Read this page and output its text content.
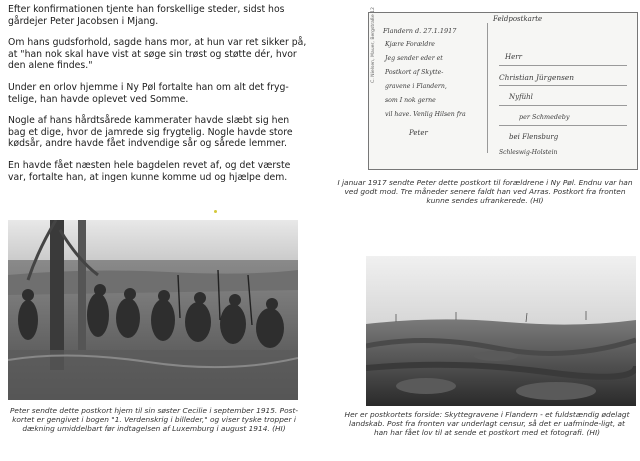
Efter konfirmationen tjente han forskellige steder, sidst hos gårdejer Peter Jacobsen i Mjang.

Om hans gudsforhold, sagde hans mor, at hun var ret sikker på, at "han nok skal have vist at søge sin trøst og støtte dér, hvor den alene findes."

Under en orlov hjemme i Ny Pøl fortalte han om alt det fryg-telige, han havde oplevet ved Somme.

Nogle af hans hårdtsårede kammerater havde slæbt sig hen bag et dige, hvor de jamrede sig frygtelig. Nogle havde store kødsår, andre havde fået indvendige sår og sårede lemmer.

En havde fået næsten hele bagdelen revet af, og det værste var, fortalte han, at ingen kunne komme ud og hjælpe dem.

Peter sendte dette postkort hjem til sin søster Cecilie i september 1915. Post-kortet er gengivet i bogen "1. Verdenskrig i billeder," og viser tyske tropper i dækning umiddelbart før indtagelsen af Luxemburg i august 1914. (HI)
Feldpostkarte
Flandern d. 27.1.1917
Kjære Forældre
Jeg sender eder et
Postkort af Skytte-
gravene i Flandern,
som I nok gerne
vil have. Venlig Hilsen fra
Peter
C. Nielsen, Mauer, Bergstraße 12	Herr
Christian Jürgensen
Nyfühl
per Schmedeby
bei Flensburg
Schleswig-Holstein
I januar 1917 sendte Peter dette postkort til forældrene i Ny Pøl. Endnu var han ved godt mod. Tre måneder senere faldt han ved Arras. Postkort fra fronten kunne sendes ufrankerede. (HI)
Her er postkortets forside: Skyttegravene i Flandern - et fuldstændig ødelagt landskab. Post fra fronten var underlagt censur, så det er uafminde-ligt, at han har fået lov til at sende et postkort med et fotografi. (HI)
